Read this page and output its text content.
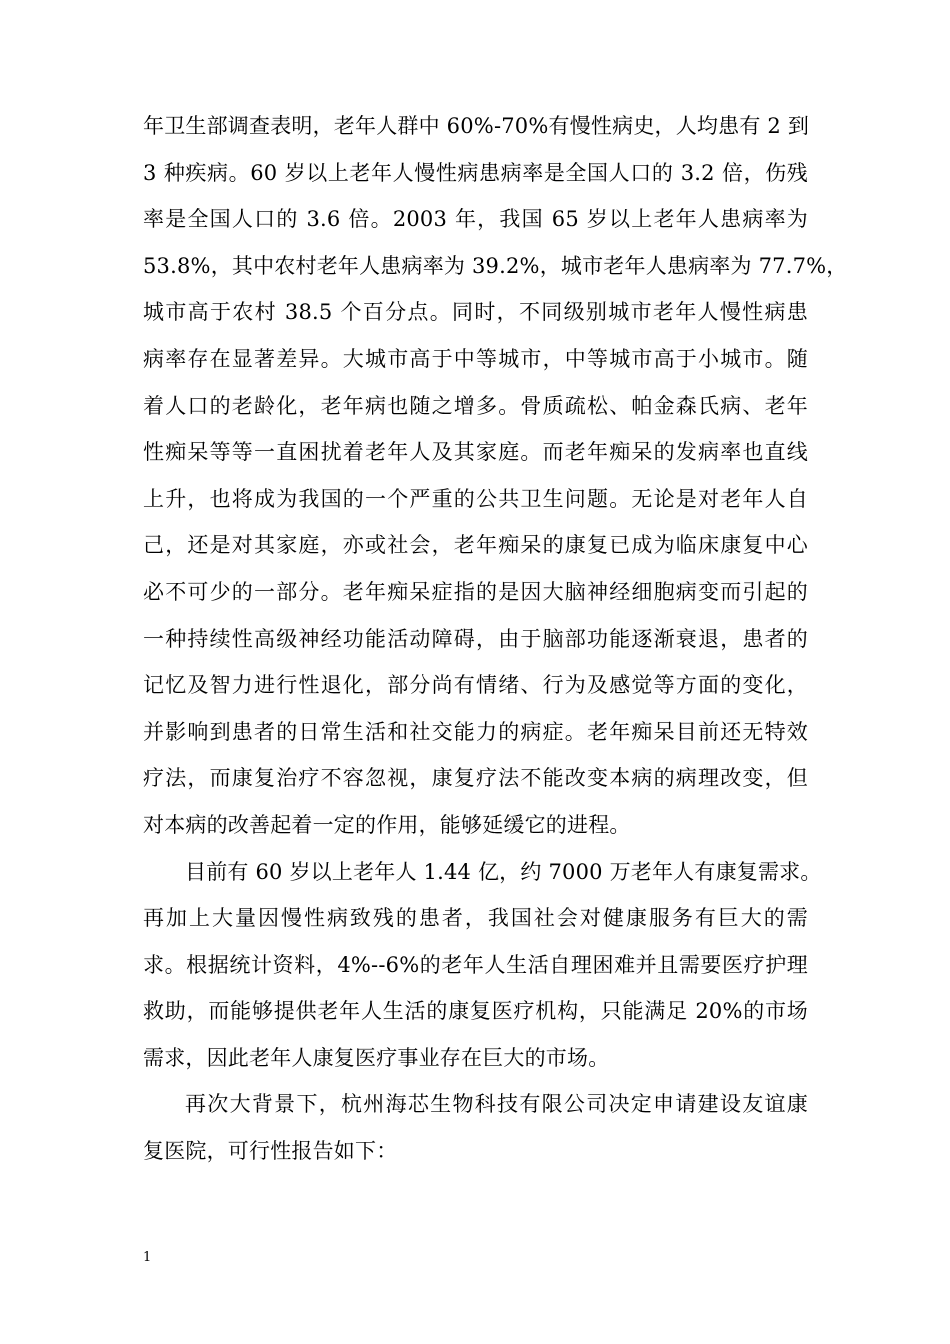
年卫生部调查表明，老年人群中 60%-70%有慢性病史，人均患有 2 到
3 种疾病。60 岁以上老年人慢性病患病率是全国人口的 3.2 倍，伤残
率是全国人口的 3.6 倍。2003 年，我国 65 岁以上老年人患病率为
53.8%，其中农村老年人患病率为 39.2%，城市老年人患病率为 77.7%，
城市高于农村 38.5 个百分点。同时，不同级别城市老年人慢性病患
病率存在显著差异。大城市高于中等城市，中等城市高于小城市。随
着人口的老龄化，老年病也随之增多。骨质疏松、帕金森氏病、老年
性痴呆等等一直困扰着老年人及其家庭。而老年痴呆的发病率也直线
上升，也将成为我国的一个严重的公共卫生问题。无论是对老年人自
己，还是对其家庭，亦或社会，老年痴呆的康复已成为临床康复中心
必不可少的一部分。老年痴呆症指的是因大脑神经细胞病变而引起的
一种持续性高级神经功能活动障碍，由于脑部功能逐渐衰退，患者的
记忆及智力进行性退化，部分尚有情绪、行为及感觉等方面的变化，
并影响到患者的日常生活和社交能力的病症。老年痴呆目前还无特效
疗法，而康复治疗不容忽视，康复疗法不能改变本病的病理改变，但
对本病的改善起着一定的作用，能够延缓它的进程。
目前有 60 岁以上老年人 1.44 亿，约 7000 万老年人有康复需求。
再加上大量因慢性病致残的患者，我国社会对健康服务有巨大的需
求。根据统计资料，4%--6%的老年人生活自理困难并且需要医疗护理
救助，而能够提供老年人生活的康复医疗机构，只能满足 20%的市场
需求，因此老年人康复医疗事业存在巨大的市场。
再次大背景下，杭州海芯生物科技有限公司决定申请建设友谊康
复医院，可行性报告如下：
1
